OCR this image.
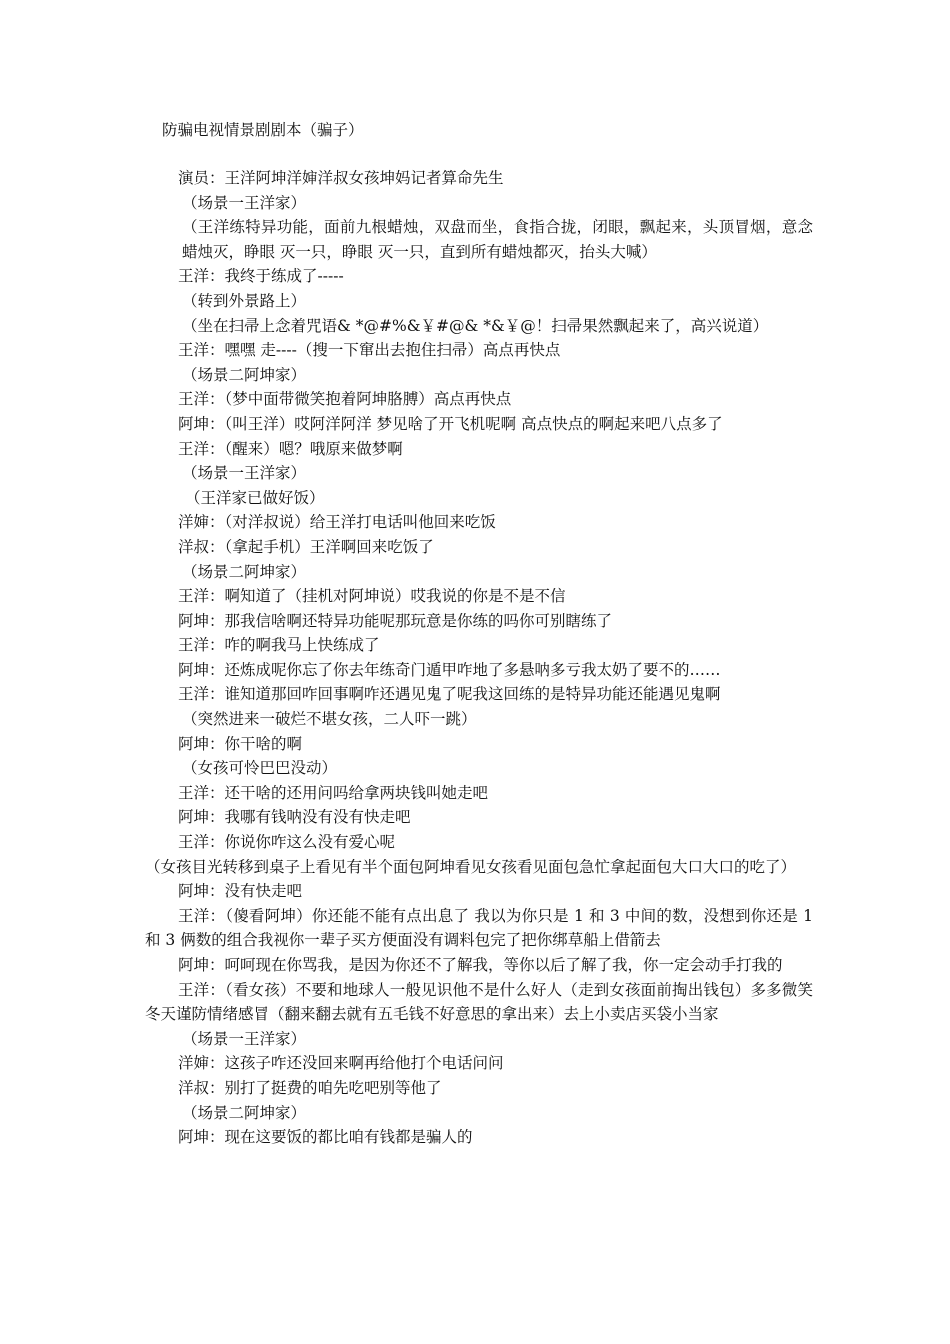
防骗电视情景剧剧本（骗子）

演员：王洋阿坤洋婶洋叔女孩坤妈记者算命先生

（场景一王洋家）

（王洋练特异功能，面前九根蜡烛，双盘而坐，食指合拢，闭眼，飘起来，头顶冒烟，意念蜡烛灭，睁眼 灭一只，睁眼 灭一只，直到所有蜡烛都灭，抬头大喊）

王洋：我终于练成了-----

（转到外景路上）

（坐在扫帚上念着咒语& *@#%&￥#@& *&￥@！扫帚果然飘起来了，高兴说道）

王洋：嘿嘿 走----（搜一下窜出去抱住扫帚）高点再快点

（场景二阿坤家）

王洋：（梦中面带微笑抱着阿坤胳膊）高点再快点

阿坤：（叫王洋）哎阿洋阿洋 梦见啥了开飞机呢啊 高点快点的啊起来吧八点多了

王洋：（醒来）嗯？哦原来做梦啊

（场景一王洋家）

（王洋家已做好饭）

洋婶：（对洋叔说）给王洋打电话叫他回来吃饭

洋叔：（拿起手机）王洋啊回来吃饭了

（场景二阿坤家）

王洋：啊知道了（挂机对阿坤说）哎我说的你是不是不信

阿坤：那我信啥啊还特异功能呢那玩意是你练的吗你可别瞎练了

王洋：咋的啊我马上快练成了

阿坤：还炼成呢你忘了你去年练奇门遁甲咋地了多悬呐多亏我太奶了要不的……

王洋：谁知道那回咋回事啊咋还遇见鬼了呢我这回练的是特异功能还能遇见鬼啊

（突然进来一破烂不堪女孩，二人吓一跳）

阿坤：你干啥的啊

（女孩可怜巴巴没动）

王洋：还干啥的还用问吗给拿两块钱叫她走吧

阿坤：我哪有钱呐没有没有快走吧

王洋：你说你咋这么没有爱心呢

（女孩目光转移到桌子上看见有半个面包阿坤看见女孩看见面包急忙拿起面包大口大口的吃了）

阿坤：没有快走吧

王洋：（傻看阿坤）你还能不能有点出息了 我以为你只是 1 和 3 中间的数，没想到你还是 1 和 3 俩数的组合我视你一辈子买方便面没有调料包完了把你绑草船上借箭去

阿坤：呵呵现在你骂我，是因为你还不了解我，等你以后了解了我，你一定会动手打我的

王洋：（看女孩）不要和地球人一般见识他不是什么好人（走到女孩面前掏出钱包）多多微笑冬天谨防情绪感冒（翻来翻去就有五毛钱不好意思的拿出来）去上小卖店买袋小当家

（场景一王洋家）

洋婶：这孩子咋还没回来啊再给他打个电话问问

洋叔：别打了挺费的咱先吃吧别等他了

（场景二阿坤家）

阿坤：现在这要饭的都比咱有钱都是骗人的
